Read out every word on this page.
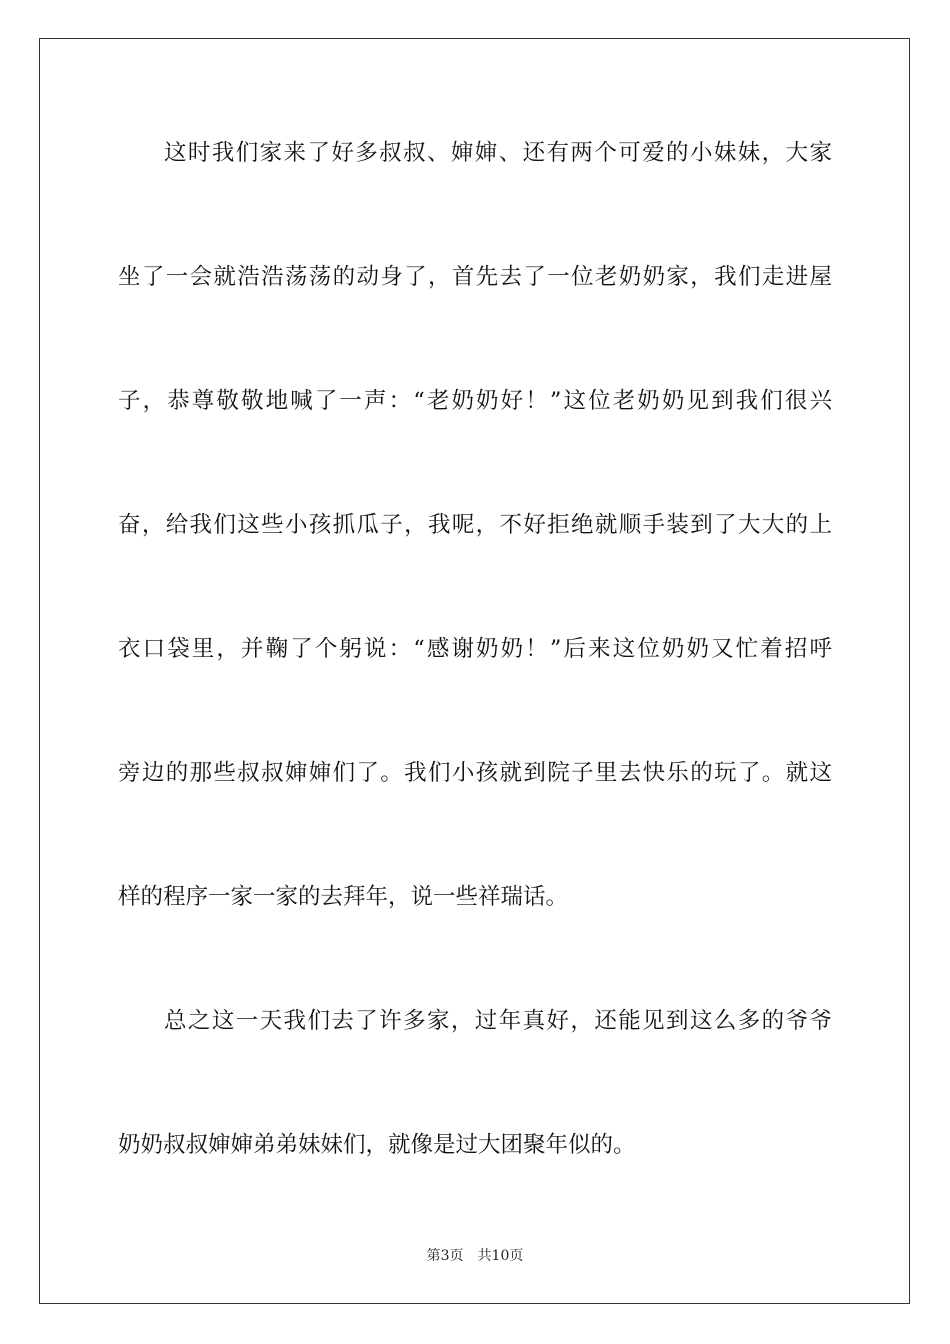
这时我们家来了好多叔叔、婶婶、还有两个可爱的小妹妹，大家
坐了一会就浩浩荡荡的动身了，首先去了一位老奶奶家，我们走进屋
子，恭尊敬敬地喊了一声：“老奶奶好！”这位老奶奶见到我们很兴
奋，给我们这些小孩抓瓜子，我呢，不好拒绝就顺手装到了大大的上
衣口袋里，并鞠了个躬说：“感谢奶奶！”后来这位奶奶又忙着招呼
旁边的那些叔叔婶婶们了。我们小孩就到院子里去快乐的玩了。就这
样的程序一家一家的去拜年，说一些祥瑞话。
总之这一天我们去了许多家，过年真好，还能见到这么多的爷爷
奶奶叔叔婶婶弟弟妹妹们，就像是过大团聚年似的。
第3页 共10页
